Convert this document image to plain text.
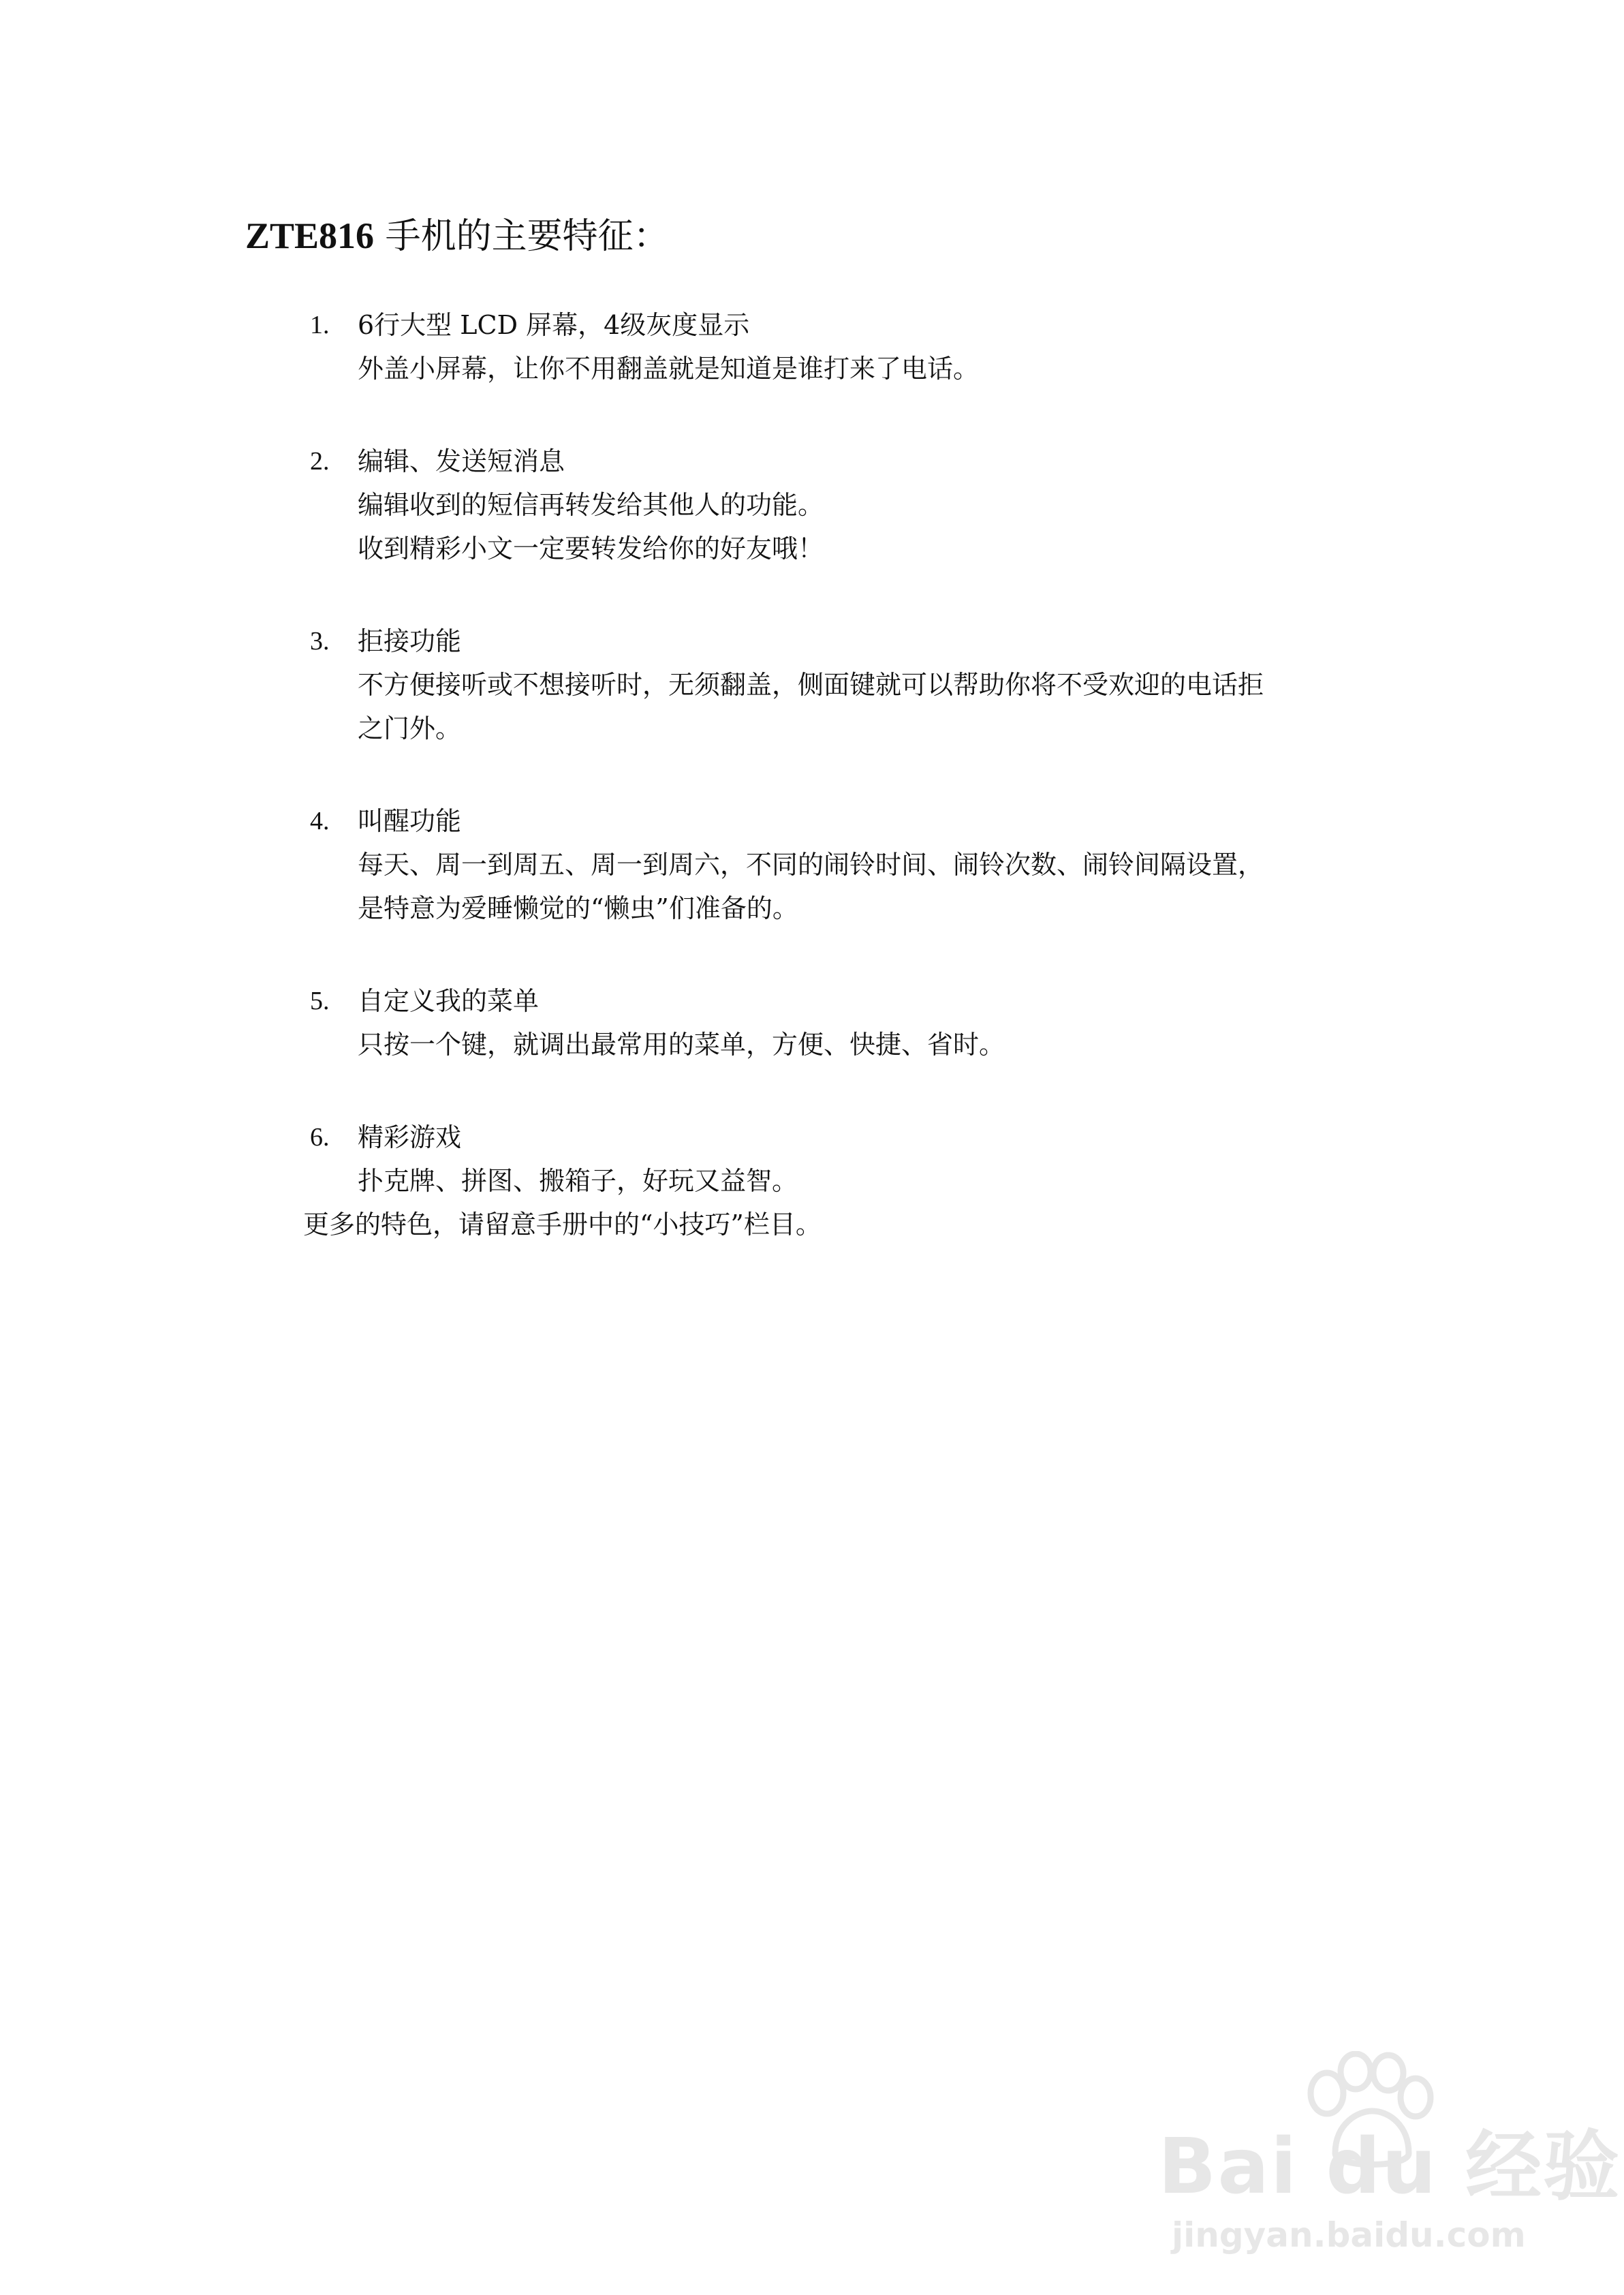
ZTE816 手机的主要特征：
1. 6行大型 LCD 屏幕，4级灰度显示

外盖小屏幕，让你不用翻盖就是知道是谁打来了电话。

2. 编辑、发送短消息

编辑收到的短信再转发给其他人的功能。

收到精彩小文一定要转发给你的好友哦！

3. 拒接功能

不方便接听或不想接听时，无须翻盖，侧面键就可以帮助你将不受欢迎的电话拒

之门外。

4. 叫醒功能

每天、周一到周五、周一到周六，不同的闹铃时间、闹铃次数、闹铃间隔设置，

是特意为爱睡懒觉的“懒虫”们准备的。

5. 自定义我的菜单

只按一个键，就调出最常用的菜单，方便、快捷、省时。

6. 精彩游戏

扑克牌、拼图、搬箱子，好玩又益智。

更多的特色，请留意手册中的“小技巧”栏目。
Bai du 经验
jingyan.baidu.com
